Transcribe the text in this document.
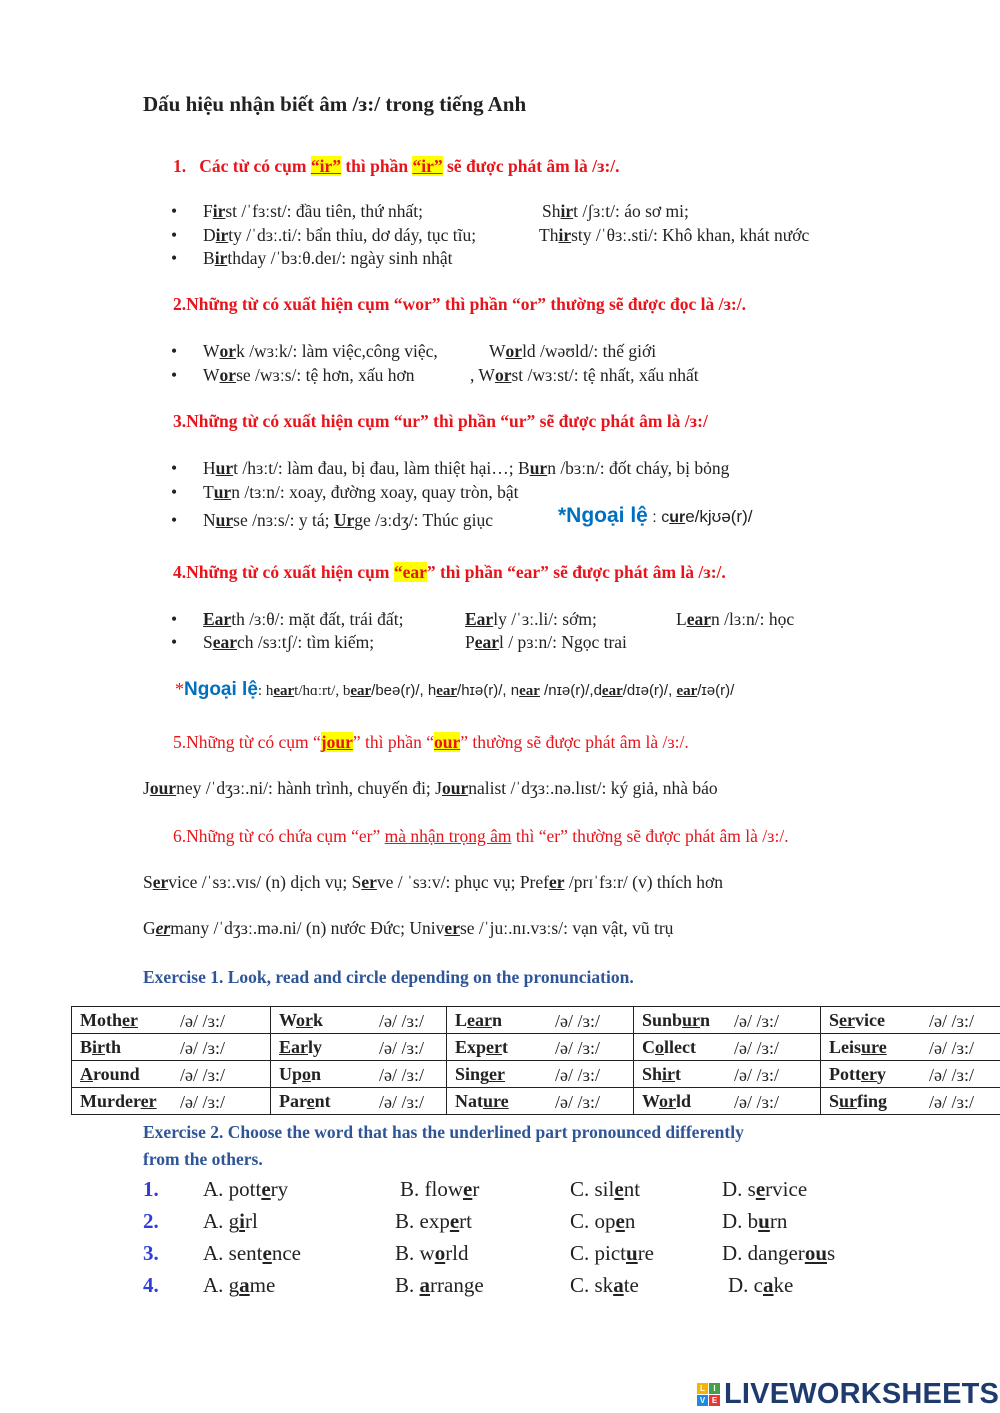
Dấu hiệu nhận biết âm /ɜ:/ trong tiếng Anh
1. Các từ có cụm “ir” thì phần “ir” sẽ được phát âm là /ɜ:/.
First /ˈfɜːst/: đầu tiên, thứ nhất;	Shirt /ʃɜːt/: áo sơ mi;
Dirty /ˈdɜː.ti/: bẩn thỉu, dơ dáy, tục tĩu;	Thirsty /ˈθɜː.sti/: Khô khan, khát nước
Birthday /ˈbɜːθ.deɪ/: ngày sinh nhật
2.Những từ có xuất hiện cụm “wor” thì phần “or” thường sẽ được đọc là /ɜ:/.
Work /wɜːk/: làm việc,công việc,	World /wəʊld/: thế giới
Worse /wɜːs/: tệ hơn, xấu hơn	, Worst /wɜːst/: tệ nhất, xấu nhất
3.Những từ có xuất hiện cụm “ur” thì phần “ur” sẽ được phát âm là /ɜ:/
Hurt /hɜːt/: làm đau, bị đau, làm thiệt hại…; Burn /bɜːn/: đốt cháy, bị bỏng
Turn /tɜːn/: xoay, đường xoay, quay tròn, bật
Nurse /nɜːs/: y tá; Urge /ɜːdʒ/: Thúc giục	*Ngoại lệ : cure/kjʊə(r)/
4.Những từ có xuất hiện cụm “ear” thì phần “ear” sẽ được phát âm là /ɜ:/.
Earth /ɜːθ/: mặt đất, trái đất;	Early /ˈɜː.li/: sớm;	Learn /lɜːn/: học
Search /sɜːtʃ/: tìm kiếm;	Pearl / pɜːn/: Ngọc trai
*Ngoại lệ: heart/hɑːrt/, bear/beə(r)/, hear/hɪə(r)/, near /nɪə(r)/,dear/dɪə(r)/, ear/ɪə(r)/
5.Những từ có cụm “jour” thì phần “our” thường sẽ được phát âm là /ɜ:/.
Journey /ˈdʒɜː.ni/: hành trình, chuyến đi; Journalist /ˈdʒɜː.nə.lɪst/: ký giả, nhà báo
6.Những từ có chứa cụm “er” mà nhận trọng âm thì “er” thường sẽ được phát âm là /ɜ:/.
Service /ˈsɜː.vɪs/ (n) dịch vụ; Serve / ˈsɜːv/: phục vụ; Prefer /prɪˈfɜːr/ (v) thích hơn
Germany /ˈdʒɜː.mə.ni/ (n) nước Đức; Universe /ˈjuː.nɪ.vɜːs/: vạn vật, vũ trụ
Exercise 1. Look, read and circle depending on the pronunciation.
Mother /ə/ /ɜ:/	Work /ə/ /ɜ:/	Learn /ə/ /ɜ:/	Sunburn /ə/ /ɜ:/	Service /ə/ /ɜ:/

Birth /ə/ /ɜ:/	Early /ə/ /ɜ:/	Expert /ə/ /ɜ:/	Collect /ə/ /ɜ:/	Leisure /ə/ /ɜ:/

Around /ə/ /ɜ:/	Upon /ə/ /ɜ:/	Singer /ə/ /ɜ:/	Shirt /ə/ /ɜ:/	Pottery /ə/ /ɜ:/

Murderer /ə/ /ɜ:/	Parent /ə/ /ɜ:/	Nature /ə/ /ɜ:/	World /ə/ /ɜ:/	Surfing /ə/ /ɜ:/
Exercise 2. Choose the word that has the underlined part pronounced differently
from the others.
1. A. pottery	B. flower	C. silent	D. service
2. A. girl	B. expert	C. open	D. burn
3. A. sentence	B. world	C. picture	D. dangerous
4. A. game	B. arrange	C. skate	D. cake
L	I
V E LIVEWORKSHEETS
